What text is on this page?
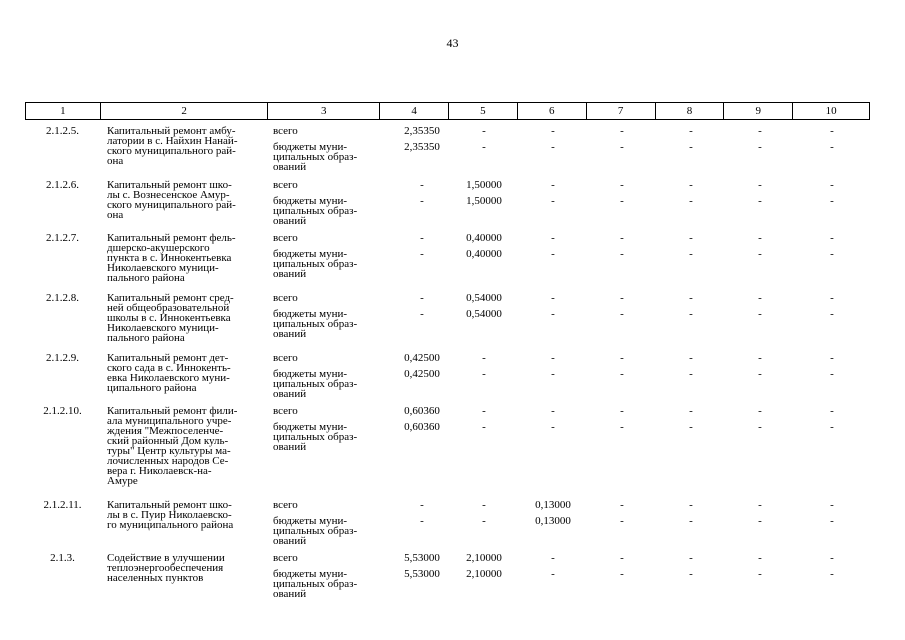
43
1	2	3	4	5	6	7	8	9	10
2.1.2.5.	Капитальный ремонт амбу-
латории в с. Найхин Нанай-
ского муниципального рай-
она
всего	2,35350	-	-	-	-	-	-
бюджеты муни-
ципальных образ-
ований
2,35350	-	-	-	-	-	-
2.1.2.6.	Капитальный ремонт шко-
лы с. Вознесенское Амур-
ского муниципального рай-
она
всего	-	1,50000	-	-	-	-	-
бюджеты муни-
ципальных образ-
ований
-	1,50000	-	-	-	-	-
2.1.2.7.	Капитальный ремонт фель-
дшерско-акушерского
пункта в с. Иннокентьевка
Николаевского муници-
пального района
всего	-	0,40000	-	-	-	-	-
бюджеты муни-
ципальных образ-
ований
-	0,40000	-	-	-	-	-
2.1.2.8.	Капитальный ремонт сред-
ней общеобразовательной
школы в с. Иннокентьевка
Николаевского муници-
пального района
всего	-	0,54000	-	-	-	-	-
бюджеты муни-
ципальных образ-
ований
-	0,54000	-	-	-	-	-
2.1.2.9.	Капитальный ремонт дет-
ского сада в с. Иннокенть-
евка Николаевского муни-
ципального района
всего	0,42500	-	-	-	-	-	-
бюджеты муни-
ципальных образ-
ований
0,42500	-	-	-	-	-	-
2.1.2.10.	Капитальный ремонт фили-
ала муниципального учре-
ждения "Межпоселенче-
ский районный Дом куль-
туры" Центр культуры ма-
лочисленных народов Се-
вера г. Николаевск-на-
Амуре
всего	0,60360	-	-	-	-	-	-
бюджеты муни-
ципальных образ-
ований
0,60360	-	-	-	-	-	-
2.1.2.11.	Капитальный ремонт шко-
лы в с. Пуир Николаевско-
го муниципального района
всего	-	-	0,13000	-	-	-	-
бюджеты муни-
ципальных образ-
ований
-	-	0,13000	-	-	-	-
2.1.3.	Содействие в улучшении
теплоэнергообеспечения
населенных пунктов
всего	5,53000	2,10000	-	-	-	-	-
бюджеты муни-
ципальных образ-
ований
5,53000	2,10000	-	-	-	-	-
